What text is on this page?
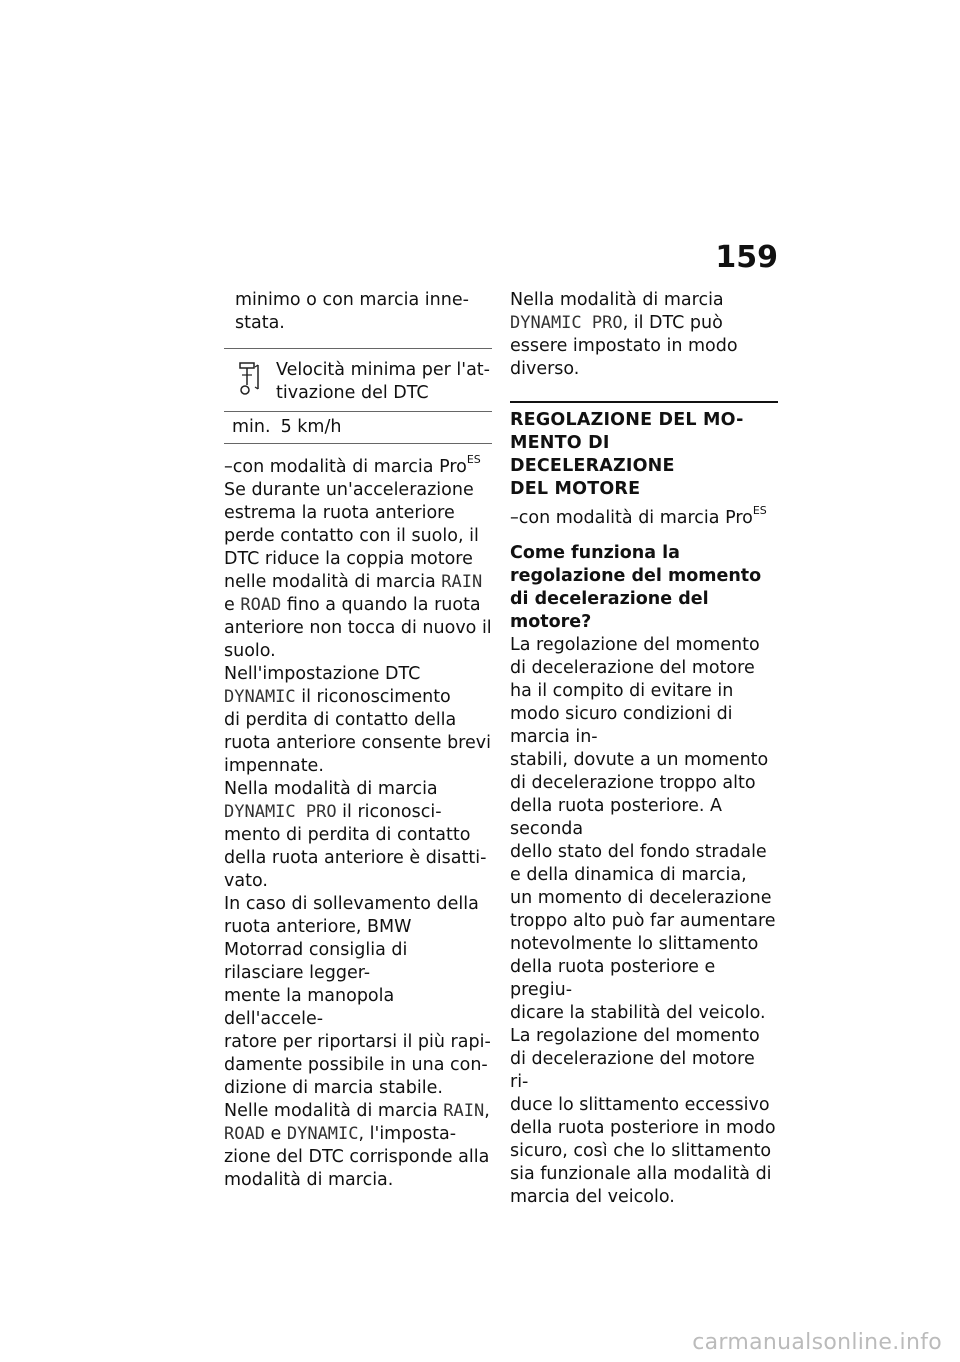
159

minimo o con marcia inne-
stata.

Velocità minima per l'at-
tivazione del DTC
min. 5 km/h

–con modalità di marcia Pro$^{ES}$

Se durante un'accelerazione estrema la ruota anteriore perde contatto con il suolo, il DTC riduce la coppia motore nelle modalità di marcia RAIN
e ROAD fino a quando la ruota anteriore non tocca di nuovo il suolo.

Nell'impostazione DTC
DYNAMIC il riconoscimento
di perdita di contatto della ruota anteriore consente brevi impennate.

Nella modalità di marcia
DYNAMIC PRO il riconosci-
mento di perdita di contatto della ruota anteriore è disatti-
vato.

In caso di sollevamento della ruota anteriore, BMW Motorrad consiglia di rilasciare legger-
mente la manopola dell'accele-
ratore per riportarsi il più rapi-
damente possibile in una con-
dizione di marcia stabile.

Nelle modalità di marcia RAIN,
ROAD e DYNAMIC, l'imposta-
zione del DTC corrisponde alla modalità di marcia.

Nella modalità di marcia
DYNAMIC PRO, il DTC può
essere impostato in modo diverso.

REGOLAZIONE DEL MO-
MENTO DI DECELERAZIONE
DEL MOTORE

–con modalità di marcia Pro$^{ES}$

Come funziona la regolazione del momento di decelerazione del motore?

La regolazione del momento
di decelerazione del motore ha il compito di evitare in modo sicuro condizioni di marcia in-
stabili, dovute a un momento di decelerazione troppo alto della ruota posteriore. A seconda
dello stato del fondo stradale
e della dinamica di marcia,
un momento di decelerazione troppo alto può far aumentare notevolmente lo slittamento della ruota posteriore e pregiu-
dicare la stabilità del veicolo.

La regolazione del momento
di decelerazione del motore ri-
duce lo slittamento eccessivo della ruota posteriore in modo sicuro, così che lo slittamento sia funzionale alla modalità di marcia del veicolo.

carmanualsonline.info
